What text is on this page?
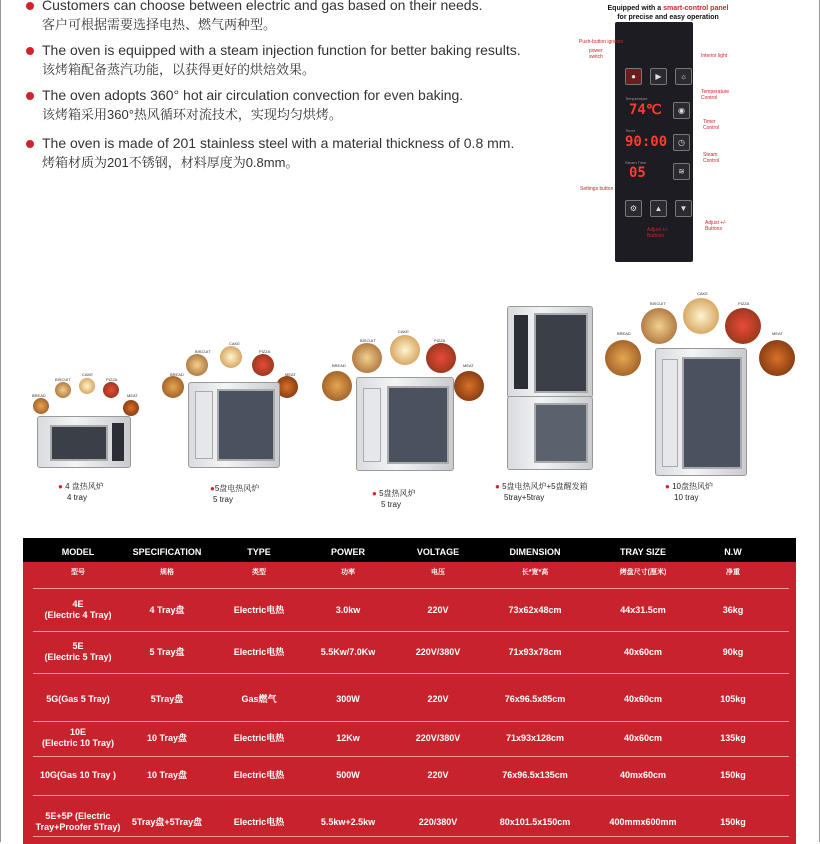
Customers can choose between electric and gas based on their needs.
客户可根据需要选择电热、燃气两种型。
The oven is equipped with a steam injection function for better baking results.
该烤箱配备蒸汽功能，以获得更好的烘焙效果。
The oven adopts 360° hot air circulation convection for even baking.
该烤箱采用360°热风循环对流技术，实现均匀烘烤。
The oven is made of 201 stainless steel with a material thickness of 0.8 mm.
烤箱材质为201不锈钢，材料厚度为0.8mm。
Equipped with a smart-control panel
for precise and easy operation
●	▶	☼
Temperature
74℃	◉
Timer
90:00	◷
Steam Time
05	≋
⚙	▲	▼
Push-button ignition
power switch	Interior light
Temperature Control
Timer Control
Steam Control
Settings button
Adjust +/- Buttons
Adjust +/- Buttons
● 4 盘热风炉
4 tray
●5盘电热风炉
5 tray
● 5盘热风炉
5 tray
● 5盘电热风炉+5盘醒发箱
5tray+5tray
● 10盘热风炉
10 tray
BREAD
BISCUIT
CAKE
PIZZA
MEAT
BREAD
BISCUIT
CAKE
PIZZA
MEAT
BREAD
BISCUIT
CAKE
PIZZA
MEAT
BREAD
BISCUIT
CAKE
PIZZA
MEAT
MODEL	SPECIFICATION	TYPE	POWER	VOLTAGE	DIMENSION	TRAY SIZE	N.W
型号	规格	类型	功率	电压	长*宽*高	烤盘尺寸(厘米)	净重
4E
(Electric 4 Tray)
4 Tray盘	Electric电热	3.0kw	220V	73x62x48cm	44x31.5cm	36kg
5E
(Electric 5 Tray)
5 Tray盘	Electric电热	5.5Kw/7.0Kw	220V/380V	71x93x78cm	40x60cm	90kg
5G(Gas 5 Tray)	5Tray盘	Gas燃气	300W	220V	76x96.5x85cm	40x60cm	105kg
10E
(Electric 10 Tray)
10 Tray盘	Electric电热	12Kw	220V/380V	71x93x128cm	40x60cm	135kg
10G(Gas 10 Tray )	10 Tray盘	Electric电热	500W	220V	76x96.5x135cm	40mx60cm	150kg
5E+5P (Electric
Tray+Proofer 5Tray)
5Tray盘+5Tray盘	Electric电热	5.5kw+2.5kw	220/380V	80x101.5x150cm	400mmx600mm	150kg
